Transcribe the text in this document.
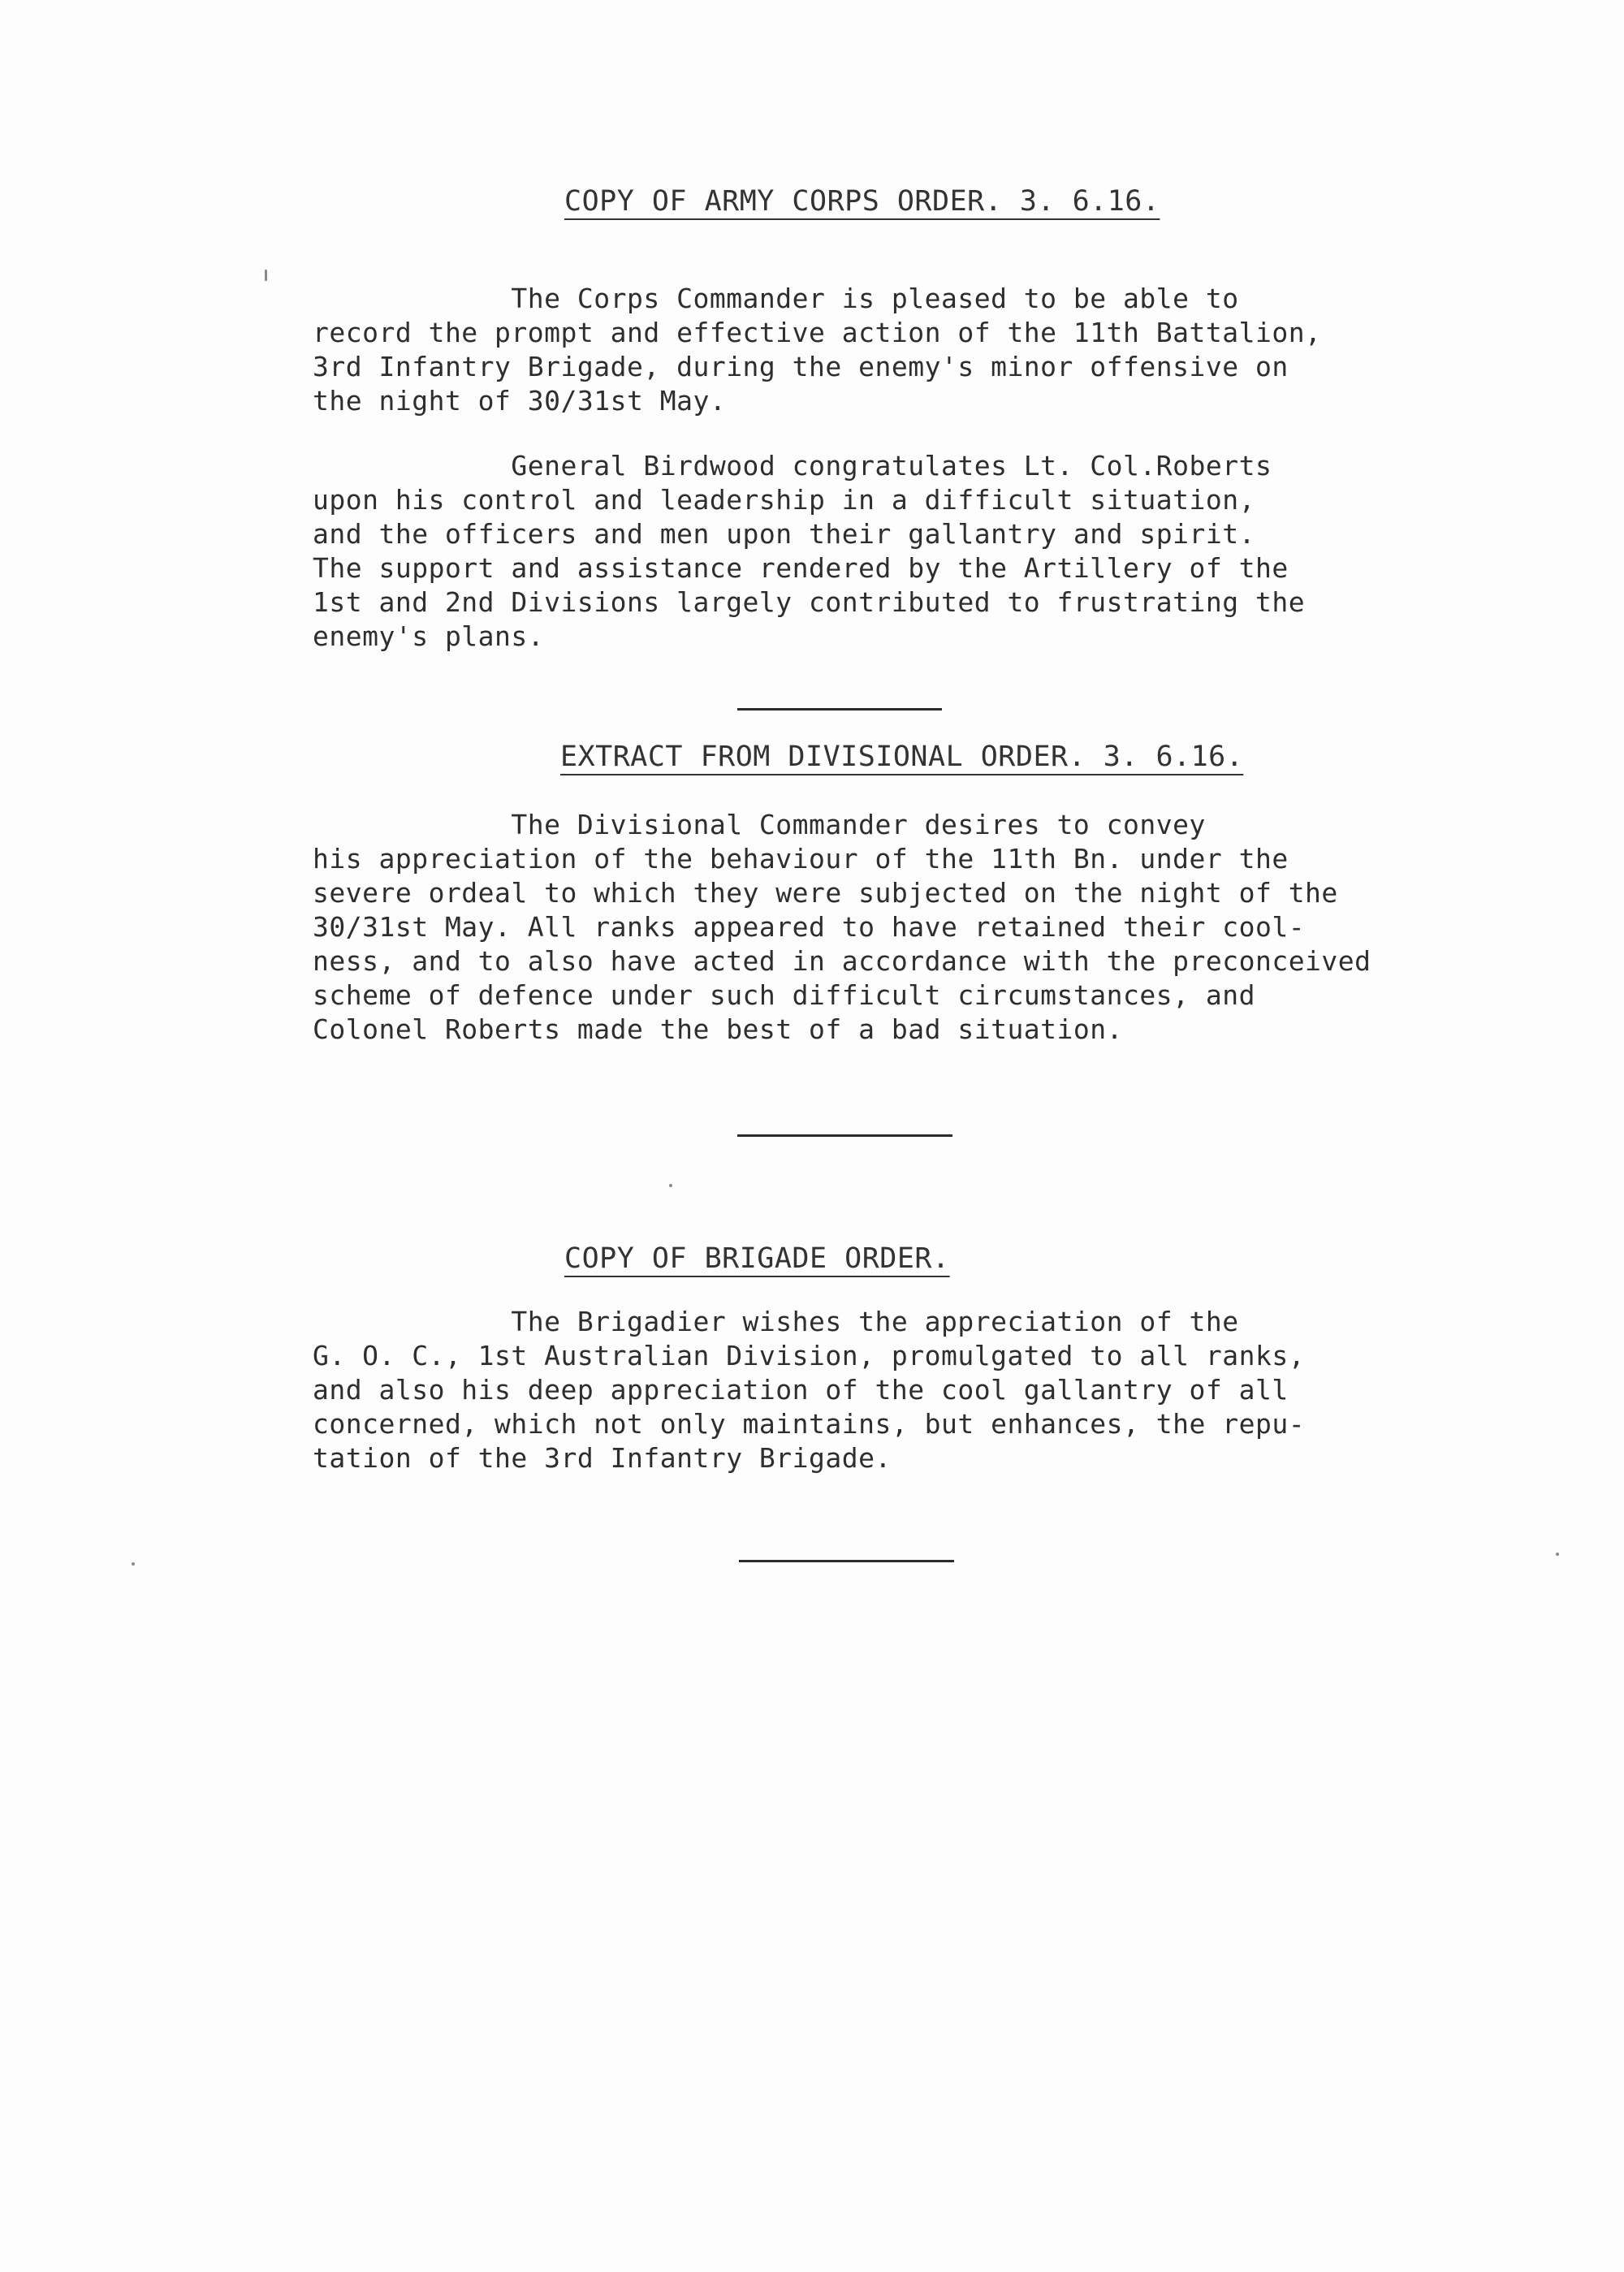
COPY OF ARMY CORPS ORDER. 3. 6.16.
The Corps Commander is pleased to be able to
record the prompt and effective action of the 11th Battalion,
3rd Infantry Brigade, during the enemy's minor offensive on
the night of 30/31st May.
General Birdwood congratulates Lt. Col.Roberts
upon his control and leadership in a difficult situation,
and the officers and men upon their gallantry and spirit.
The support and assistance rendered by the Artillery of the
1st and 2nd Divisions largely contributed to frustrating the
enemy's plans.
EXTRACT FROM DIVISIONAL ORDER. 3. 6.16.
The Divisional Commander desires to convey
his appreciation of the behaviour of the 11th Bn. under the
severe ordeal to which they were subjected on the night of the
30/31st May. All ranks appeared to have retained their cool-
ness, and to also have acted in accordance with the preconceived
scheme of defence under such difficult circumstances, and
Colonel Roberts made the best of a bad situation.
COPY OF BRIGADE ORDER.
The Brigadier wishes the appreciation of the
G. O. C., 1st Australian Division, promulgated to all ranks,
and also his deep appreciation of the cool gallantry of all
concerned, which not only maintains, but enhances, the repu-
tation of the 3rd Infantry Brigade.
